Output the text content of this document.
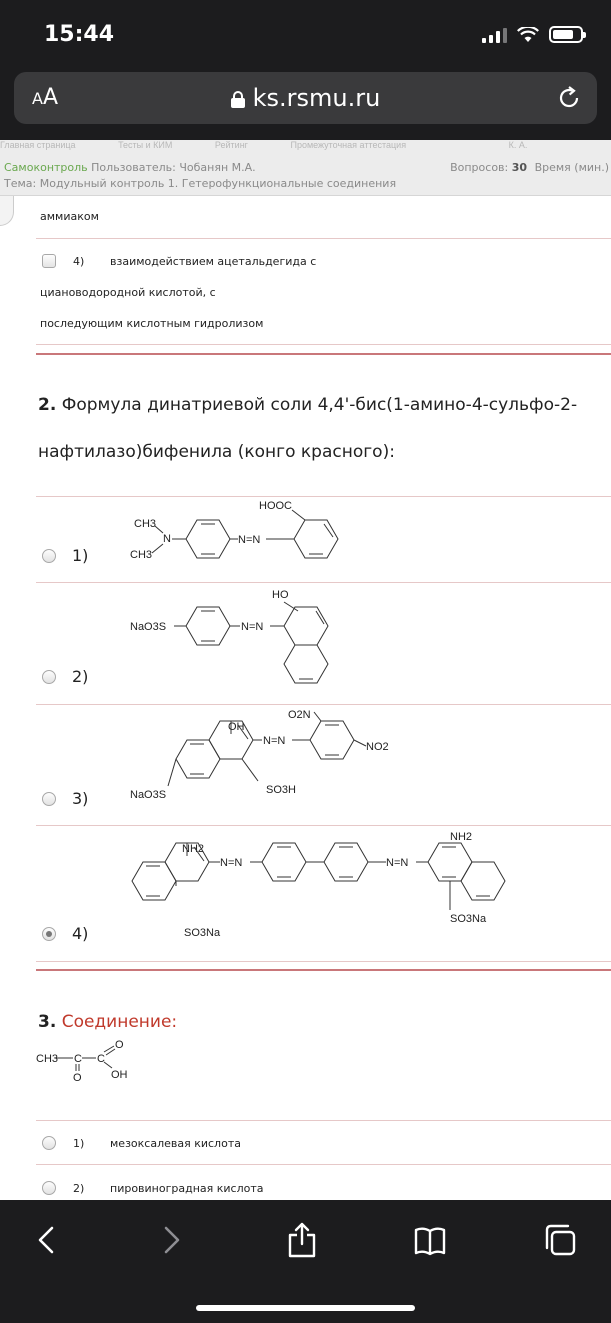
15:44
AA	ks.rsmu.ru
Главная страница	Тесты и КИМ	Рейтинг	Промежуточная аттестация	К. А.
Самоконтроль Пользователь: Чобанян М.А.	Вопросов: 30 Время (мин.)
Тема: Модульный контроль 1. Гетерофункциональные соединения
аммиаком
4) взаимодействием ацетальдегида с
циановодородной кислотой, с
последующим кислотным гидролизом
2. Формула динатриевой соли 4,4'-бис(1-амино-4-сульфо-2-
нафтилазо)бифенила (конго красного):
1)
HOOC
CH3
N
CH3
N=N
2)
HO
NaO3S	N=N
3)
OH
O2N
NaO3S	SO3H
NO2
N=N
4)
NH2
SO3Na
NH2
SO3Na
N=N	N=N
3. Соединение:
CH3 C C
O
O
OH
1) мезоксалевая кислота
2) пировиноградная кислота
